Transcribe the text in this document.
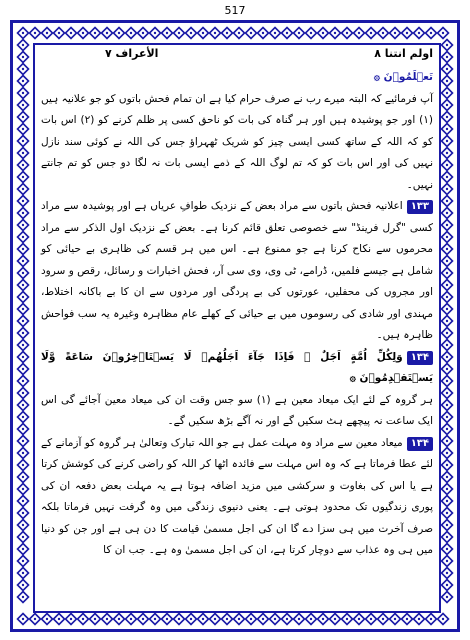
517
اولم انتنا ٨
الأعراف ٧

تَعۡلَمُوۡنَ ۞

آپ فرمائیے کہ البتہ میرے رب نے صرف حرام کیا ہے ان تمام فحش باتوں کو جو علانیہ ہیں (۱) اور جو پوشیدہ ہیں اور ہر گناہ کی بات کو ناحق کسی پر ظلم کرنے کو (۲) اس بات کو کہ اللہ کے ساتھ کسی ایسی چیز کو شریک ٹھہراؤ جس کی اللہ نے کوئی سند نازل نہیں کی اور اس بات کو کہ تم لوگ اللہ کے ذمے ایسی بات نہ لگا دو جس کو تم جانتے نہیں۔

۱۳۳اعلانیہ فحش باتوں سے مراد بعض کے نزدیک طوافِ عریاں ہے اور پوشیدہ سے مراد کسی "گرل فرینڈ" سے خصوصی تعلق قائم کرنا ہے۔ بعض کے نزدیک اول الذکر سے مراد محرموں سے نکاح کرنا ہے جو ممنوع ہے۔ اس میں ہر قسم کی ظاہری بے حیائی کو شامل ہے جیسے فلمیں، ڈرامے، ٹی وی، وی سی آر، فحش اخبارات و رسائل، رقص و سرود اور مجروں کی محفلیں، عورتوں کی بے پردگی اور مردوں سے ان کا بے باکانہ اختلاط، مہندی اور شادی کی رسوموں میں بے حیائی کے کھلے عام مظاہرہ وغیرہ یہ سب فواحش ظاہرہ ہیں۔

۱۳۴وَلِكُلِّ اُمَّةٍ اَجَلٌ ۚ فَاِذَا جَآءَ اَجَلُهُمۡ لَا يَسۡتَاۡخِرُوۡنَ سَاعَةً وَّلَا يَسۡتَقۡدِمُوۡنَ ۞

ہر گروہ کے لئے ایک میعاد معین ہے (۱) سو جس وقت ان کی میعاد معین آجائے گی اس ایک ساعت نہ پیچھے ہٹ سکیں گے اور نہ آگے بڑھ سکیں گے۔

۱۳۴میعاد معین سے مراد وہ مہلت عمل ہے جو اللہ تبارک وتعالیٰ ہر گروہ کو آزمانے کے لئے عطا فرماتا ہے کہ وہ اس مہلت سے فائدہ اٹھا کر اللہ کو راضی کرنے کی کوشش کرتا ہے یا اس کی بغاوت و سرکشی میں مزید اضافہ ہوتا ہے یہ مہلت بعض دفعہ ان کی پوری زندگیوں تک محدود ہوتی ہے۔ یعنی دنیوی زندگی میں وہ گرفت نہیں فرماتا بلکہ صرف آخرت میں ہی سزا دے گا ان کی اجل مسمیٰ قیامت کا دن ہی ہے اور جن کو دنیا میں ہی وہ عذاب سے دوچار کرتا ہے، ان کی اجل مسمیٰ وہ ہے۔ جب ان کا
